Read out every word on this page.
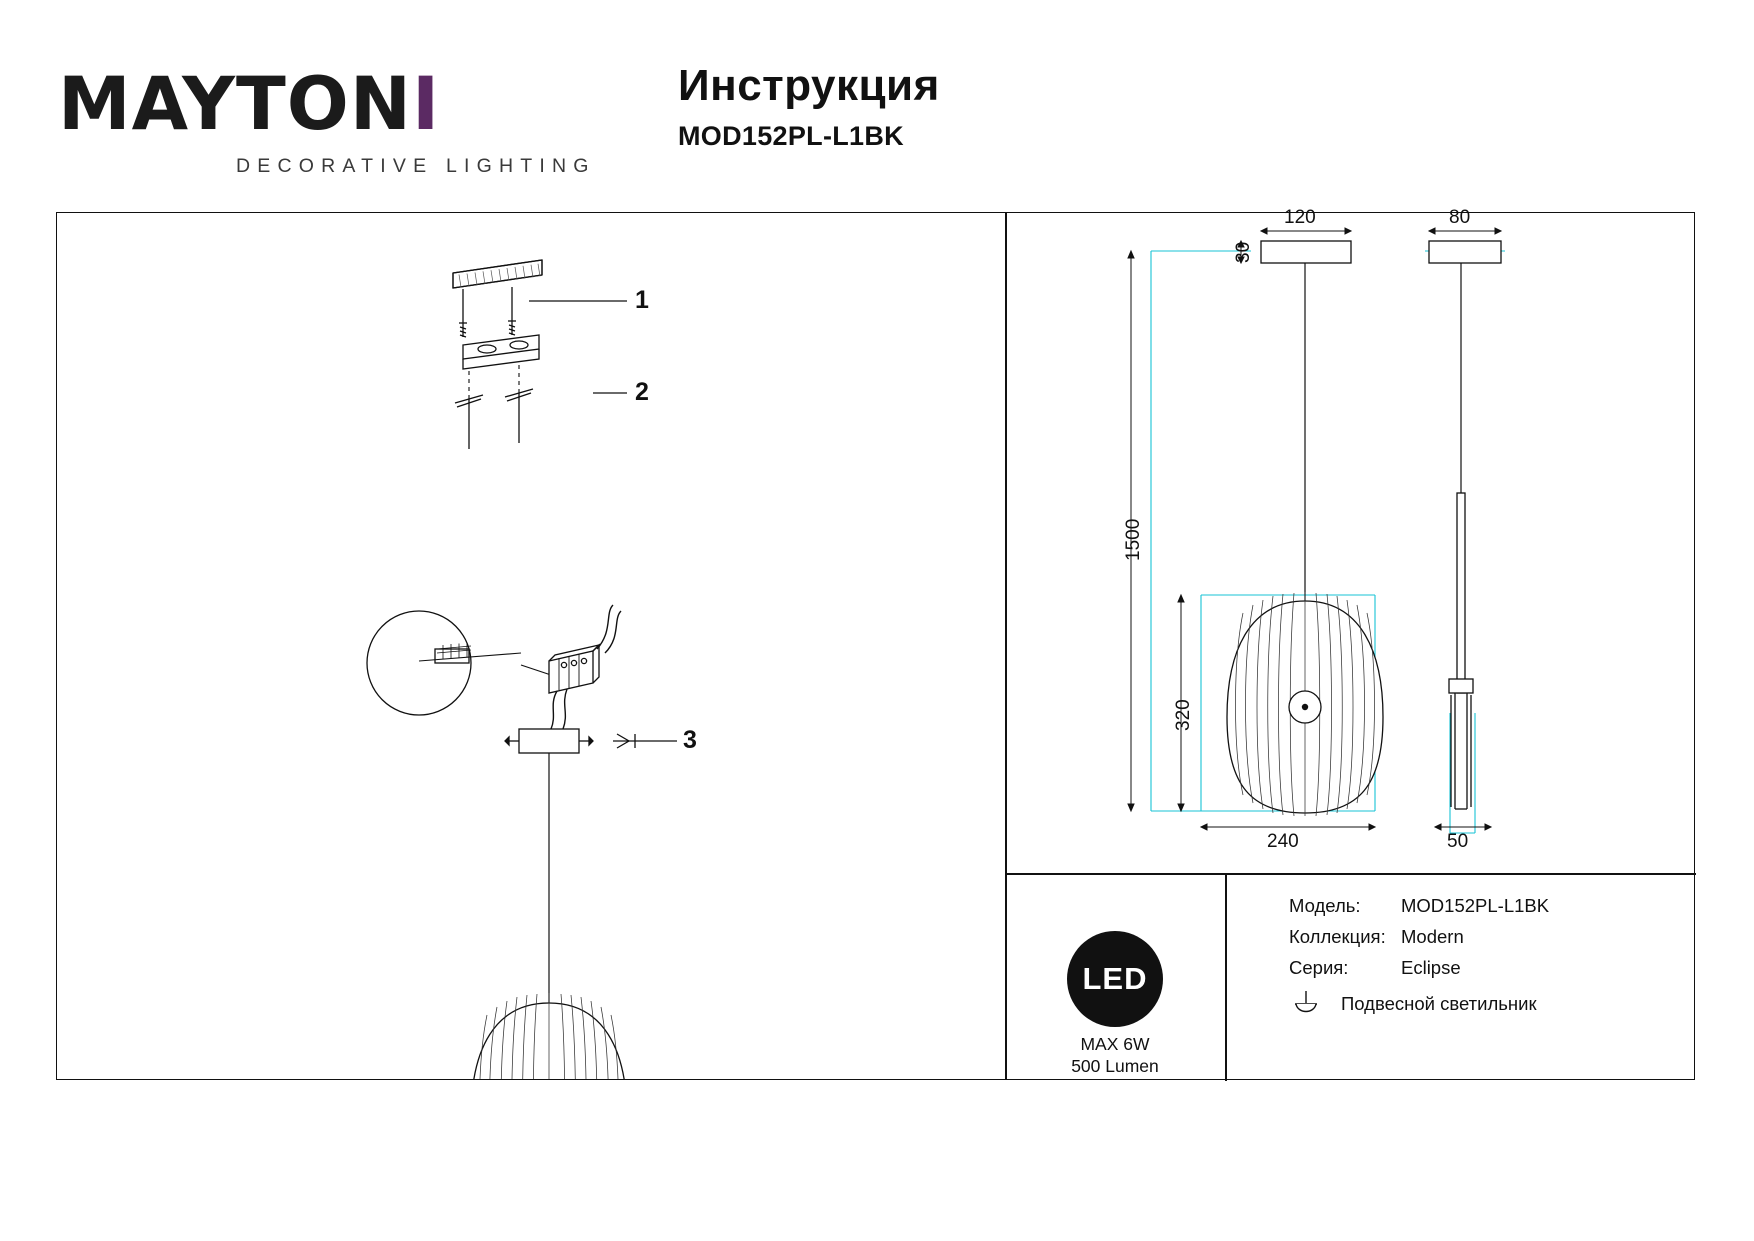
MAYTONI
DECORATIVE LIGHTING
Инструкция
MOD152PL-L1BK
1
2
3
120
30
80
1500
320
240	50
LED
MAX 6W
500 Lumen
Модель:	MOD152PL-L1BK
Коллекция: Modern
Серия:	Eclipse
Подвесной светильник
